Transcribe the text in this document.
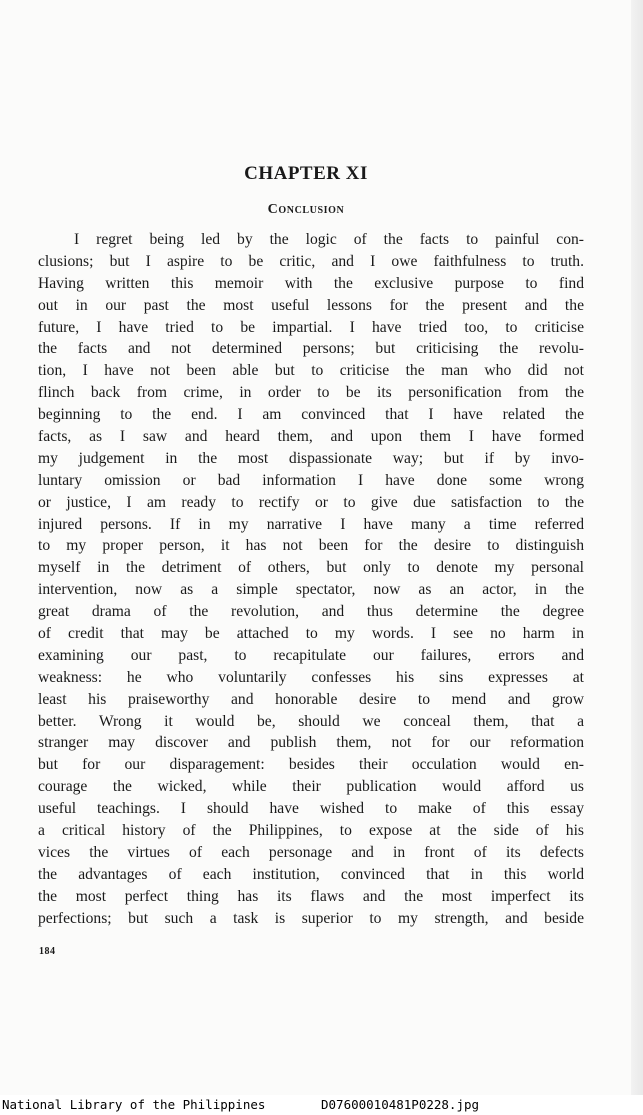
CHAPTER XI
Conclusion

I regret being led by the logic of the facts to painful con-
clusions; but I aspire to be critic, and I owe faithfulness to truth.
Having written this memoir with the exclusive purpose to find
out in our past the most useful lessons for the present and the
future, I have tried to be impartial. I have tried too, to criticise
the facts and not determined persons; but criticising the revolu-
tion, I have not been able but to criticise the man who did not
flinch back from crime, in order to be its personification from the
beginning to the end. I am convinced that I have related the
facts, as I saw and heard them, and upon them I have formed
my judgement in the most dispassionate way; but if by invo-
luntary omission or bad information I have done some wrong
or justice, I am ready to rectify or to give due satisfaction to the
injured persons. If in my narrative I have many a time referred
to my proper person, it has not been for the desire to distinguish
myself in the detriment of others, but only to denote my personal
intervention, now as a simple spectator, now as an actor, in the
great drama of the revolution, and thus determine the degree
of credit that may be attached to my words. I see no harm in
examining our past, to recapitulate our failures, errors and
weakness: he who voluntarily confesses his sins expresses at
least his praiseworthy and honorable desire to mend and grow
better. Wrong it would be, should we conceal them, that a
stranger may discover and publish them, not for our reformation
but for our disparagement: besides their occulation would en-
courage the wicked, while their publication would afford us
useful teachings. I should have wished to make of this essay
a critical history of the Philippines, to expose at the side of his
vices the virtues of each personage and in front of its defects
the advantages of each institution, convinced that in this world
the most perfect thing has its flaws and the most imperfect its
perfections; but such a task is superior to my strength, and beside

184

National Library of the Philippines	D07600010481P0228.jpg
